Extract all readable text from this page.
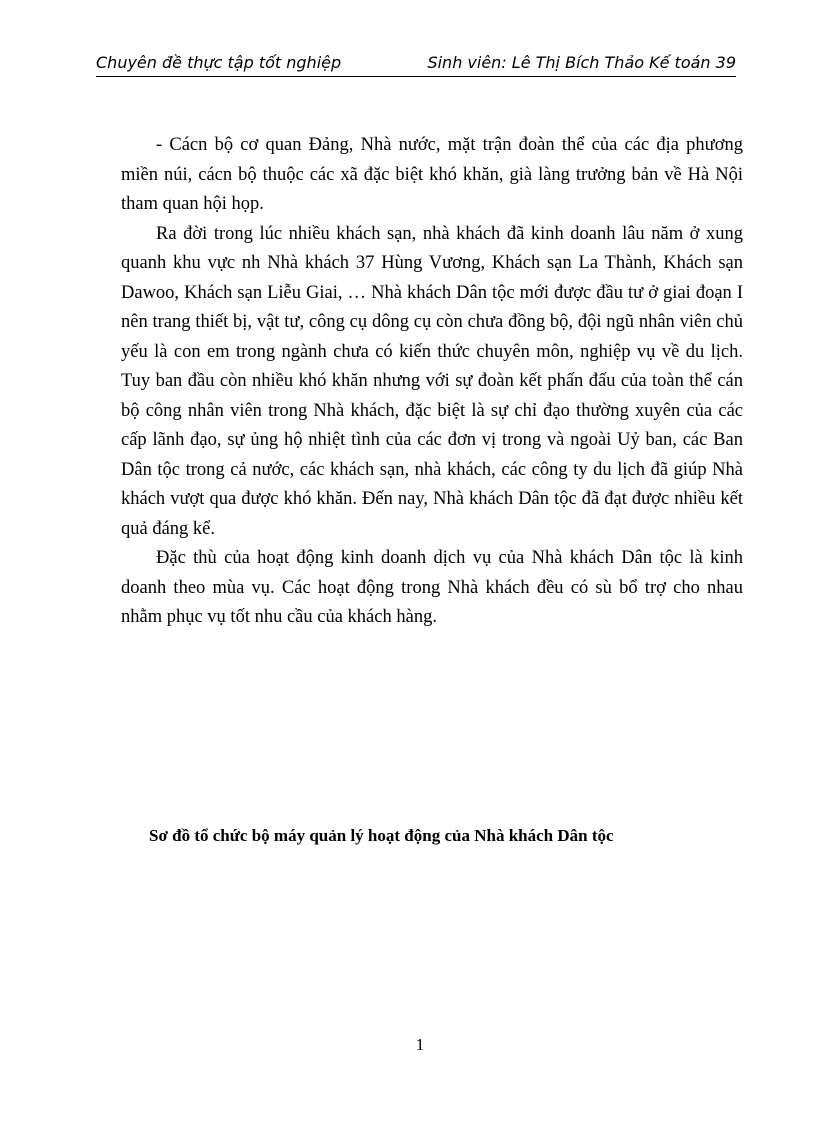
Chuyên đề thực tập tốt nghiệp	Sinh viên: Lê Thị Bích Thảo Kế toán 39

- Cácn bộ cơ quan Đảng, Nhà nước, mặt trận đoàn thể của các địa phương miền núi, cácn bộ thuộc các xã đặc biệt khó khăn, già làng trưởng bản về Hà Nội tham quan hội họp.

Ra đời trong lúc nhiều khách sạn, nhà khách đã kinh doanh lâu năm ở xung quanh khu vực nh Nhà khách 37 Hùng Vương, Khách sạn La Thành, Khách sạn Dawoo, Khách sạn Liễu Giai, … Nhà khách Dân tộc mới được đầu tư ở giai đoạn I nên trang thiết bị, vật tư, công cụ dông cụ còn chưa đồng bộ, đội ngũ nhân viên chủ yếu là con em trong ngành chưa có kiến thức chuyên môn, nghiệp vụ về du lịch. Tuy ban đầu còn nhiều khó khăn nhưng với sự đoàn kết phấn đấu của toàn thể cán bộ công nhân viên trong Nhà khách, đặc biệt là sự chỉ đạo thường xuyên của các cấp lãnh đạo, sự ủng hộ nhiệt tình của các đơn vị trong và ngoài Uỷ ban, các Ban Dân tộc trong cả nước, các khách sạn, nhà khách, các công ty du lịch đã giúp Nhà khách vượt qua được khó khăn. Đến nay, Nhà khách Dân tộc đã đạt được nhiều kết quả đáng kể.

Đặc thù của hoạt động kinh doanh dịch vụ của Nhà khách Dân tộc là kinh doanh theo mùa vụ. Các hoạt động trong Nhà khách đều có sù bổ trợ cho nhau nhằm phục vụ tốt nhu cầu của khách hàng.

Sơ đồ tổ chức bộ máy quản lý hoạt động của Nhà khách Dân tộc
1
